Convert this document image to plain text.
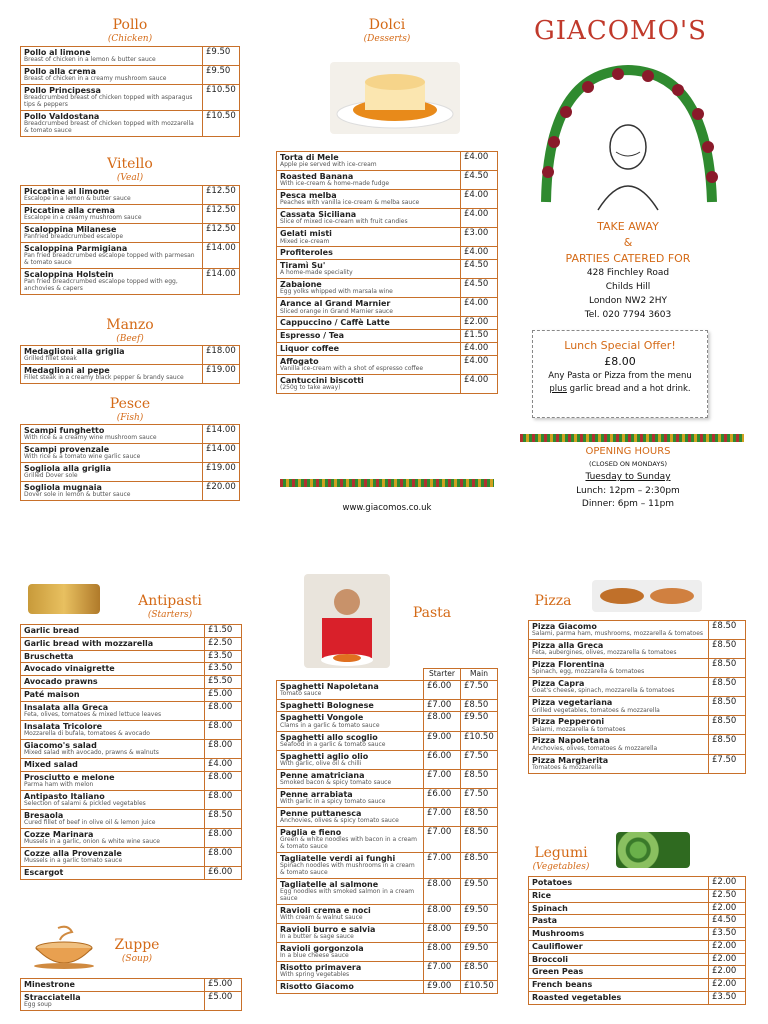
Pollo
(Chicken)
Pollo al limone
Breast of chicken in a lemon & butter sauce	£9.50

Pollo alla crema
Breast of chicken in a creamy mushroom sauce	£9.50

Pollo Principessa
Breadcrumbed breast of chicken topped with asparagus tips & peppers	£10.50

Pollo Valdostana
Breadcrumbed breast of chicken topped with mozzarella & tomato sauce	£10.50
Vitello
(Veal)
Piccatine al limone
Escalope in a lemon & butter sauce	£12.50

Piccatine alla crema
Escalope in a creamy mushroom sauce	£12.50

Scaloppina Milanese
Panfried breadcrumbed escalope	£12.50

Scaloppina Parmigiana
Pan fried breadcrumbed escalope topped with parmesan & tomato sauce	£14.00

Scaloppina Holstein
Pan fried breadcrumbed escalope topped with egg, anchovies & capers	£14.00
Manzo
(Beef)
Medaglioni alla griglia
Grilled fillet steak	£18.00

Medaglioni al pepe
Fillet steak in a creamy black pepper & brandy sauce	£19.00
Pesce
(Fish)
Scampi funghetto
With rice & a creamy wine mushroom sauce	£14.00

Scampi provenzale
With rice & a tomato wine garlic sauce	£14.00

Sogliola alla griglia
Grilled Dover sole	£19.00

Sogliola mugnaia
Dover sole in lemon & butter sauce	£20.00
Dolci
(Desserts)
Torta di Mele
Apple pie served with ice-cream	£4.00

Roasted Banana
With ice-cream & home-made fudge	£4.50

Pesca melba
Peaches with vanilla ice-cream & melba sauce	£4.00

Cassata Siciliana
Slice of mixed ice-cream with fruit candies	£4.00

Gelati misti
Mixed ice-cream	£3.00

Profiteroles	£4.00

Tiramì Su'
A home-made speciality	£4.50

Zabaione
Egg yolks whipped with marsala wine	£4.50

Arance al Grand Marnier
Sliced orange in Grand Marnier sauce	£4.00

Cappuccino / Caffè Latte	£2.00

Espresso / Tea	£1.50

Liquor coffee	£4.00

Affogato
Vanilla ice-cream with a shot of espresso coffee	£4.00

Cantuccini biscotti
(250g to take away)	£4.00
www.giacomos.co.uk
GIACOMO'S
TAKE AWAY
&
PARTIES CATERED FOR
428 Finchley Road
Childs Hill
London NW2 2HY
Tel. 020 7794 3603
Lunch Special Offer!
£8.00
Any Pasta or Pizza from the menu
plus garlic bread and a hot drink.
OPENING HOURS
(CLOSED ON MONDAYS)
Tuesday to Sunday
Lunch: 12pm – 2:30pm
Dinner: 6pm – 11pm
Antipasti
(Starters)
Garlic bread	£1.50

Garlic bread with mozzarella	£2.50

Bruschetta	£3.50

Avocado vinaigrette	£3.50

Avocado prawns	£5.50

Paté maison	£5.00

Insalata alla Greca
Feta, olives, tomatoes & mixed lettuce leaves	£8.00

Insalata Tricolore
Mozzarella di bufala, tomatoes & avocado	£8.00

Giacomo's salad
Mixed salad with avocado, prawns & walnuts	£8.00

Mixed salad	£4.00

Prosciutto e melone
Parma ham with melon	£8.00

Antipasto Italiano
Selection of salami & pickled vegetables	£8.00

Bresaola
Cured fillet of beef in olive oil & lemon juice	£8.50

Cozze Marinara
Mussels in a garlic, onion & white wine sauce	£8.00

Cozze alla Provenzale
Mussels in a garlic tomato sauce	£8.00

Escargot	£6.00
Zuppe
(Soup)
Minestrone	£5.00

Stracciatella
Egg soup	£5.00
Pasta
	Starter	Main

Spaghetti Napoletana
Tomato sauce	£6.00	£7.50

Spaghetti Bolognese	£7.00	£8.50

Spaghetti Vongole
Clams in a garlic & tomato sauce	£8.00	£9.50

Spaghetti allo scoglio
Seafood in a garlic & tomato sauce	£9.00	£10.50

Spaghetti aglio olio
With garlic, olive oil & chilli	£6.00	£7.50

Penne amatriciana
Smoked bacon & spicy tomato sauce	£7.00	£8.50

Penne arrabiata
With garlic in a spicy tomato sauce	£6.00	£7.50

Penne puttanesca
Anchovies, olives & spicy tomato sauce	£7.00	£8.50

Paglia e fieno
Green & white noodles with bacon in a cream & tomato sauce	£7.00	£8.50

Tagliatelle verdi ai funghi
Spinach noodles with mushrooms in a cream & tomato sauce	£7.00	£8.50

Tagliatelle al salmone
Egg noodles with smoked salmon in a cream sauce	£8.00	£9.50

Ravioli crema e noci
With cream & walnut sauce	£8.00	£9.50

Ravioli burro e salvia
In a butter & sage sauce	£8.00	£9.50

Ravioli gorgonzola
In a blue cheese sauce	£8.00	£9.50

Risotto primavera
With spring vegetables	£7.00	£8.50

Risotto Giacomo	£9.00	£10.50
Pizza
Pizza Giacomo
Salami, parma ham, mushrooms, mozzarella & tomatoes	£8.50

Pizza alla Greca
Feta, aubergines, olives, mozzarella & tomatoes	£8.50

Pizza Florentina
Spinach, egg, mozzarella & tomatoes	£8.50

Pizza Capra
Goat's cheese, spinach, mozzarella & tomatoes	£8.50

Pizza vegetariana
Grilled vegetables, tomatoes & mozzarella	£8.50

Pizza Pepperoni
Salami, mozzarella & tomatoes	£8.50

Pizza Napoletana
Anchovies, olives, tomatoes & mozzarella	£8.50

Pizza Margherita
Tomatoes & mozzarella	£7.50
Legumi
(Vegetables)
Potatoes	£2.00

Rice	£2.50

Spinach	£2.00

Pasta	£4.50

Mushrooms	£3.50

Cauliflower	£2.00

Broccoli	£2.00

Green Peas	£2.00

French beans	£2.00

Roasted vegetables	£3.50
